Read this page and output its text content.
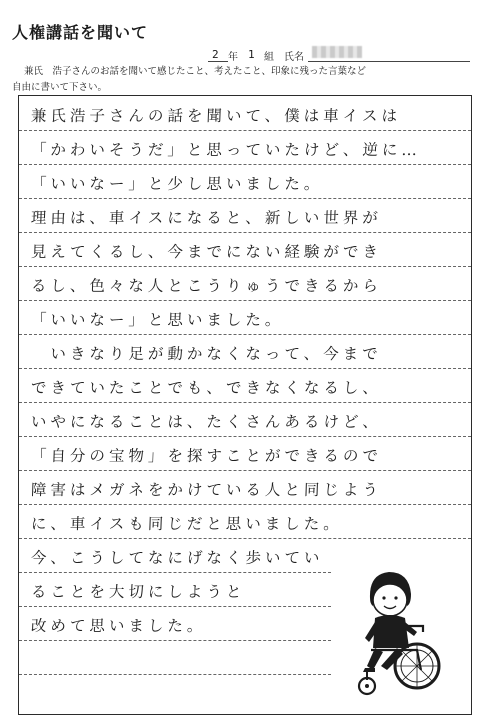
人権講話を聞いて
2 年 1 組 氏名
兼氏　浩子さんのお話を聞いて感じたこと、考えたこと、印象に残った言葉など
自由に書いて下さい。
兼氏浩子さんの話を聞いて、僕は車イスは
「かわいそうだ」と思っていたけど、逆に…
「いいなー」と少し思いました。
理由は、車イスになると、新しい世界が
見えてくるし、今までにない経験ができ
るし、色々な人とこうりゅうできるから
「いいなー」と思いました。
　いきなり足が動かなくなって、今まで
できていたことでも、できなくなるし、
いやになることは、たくさんあるけど、
「自分の宝物」を探すことができるので
障害はメガネをかけている人と同じよう
に、車イスも同じだと思いました。
今、こうしてなにげなく歩いてい
ることを大切にしようと
改めて思いました。
